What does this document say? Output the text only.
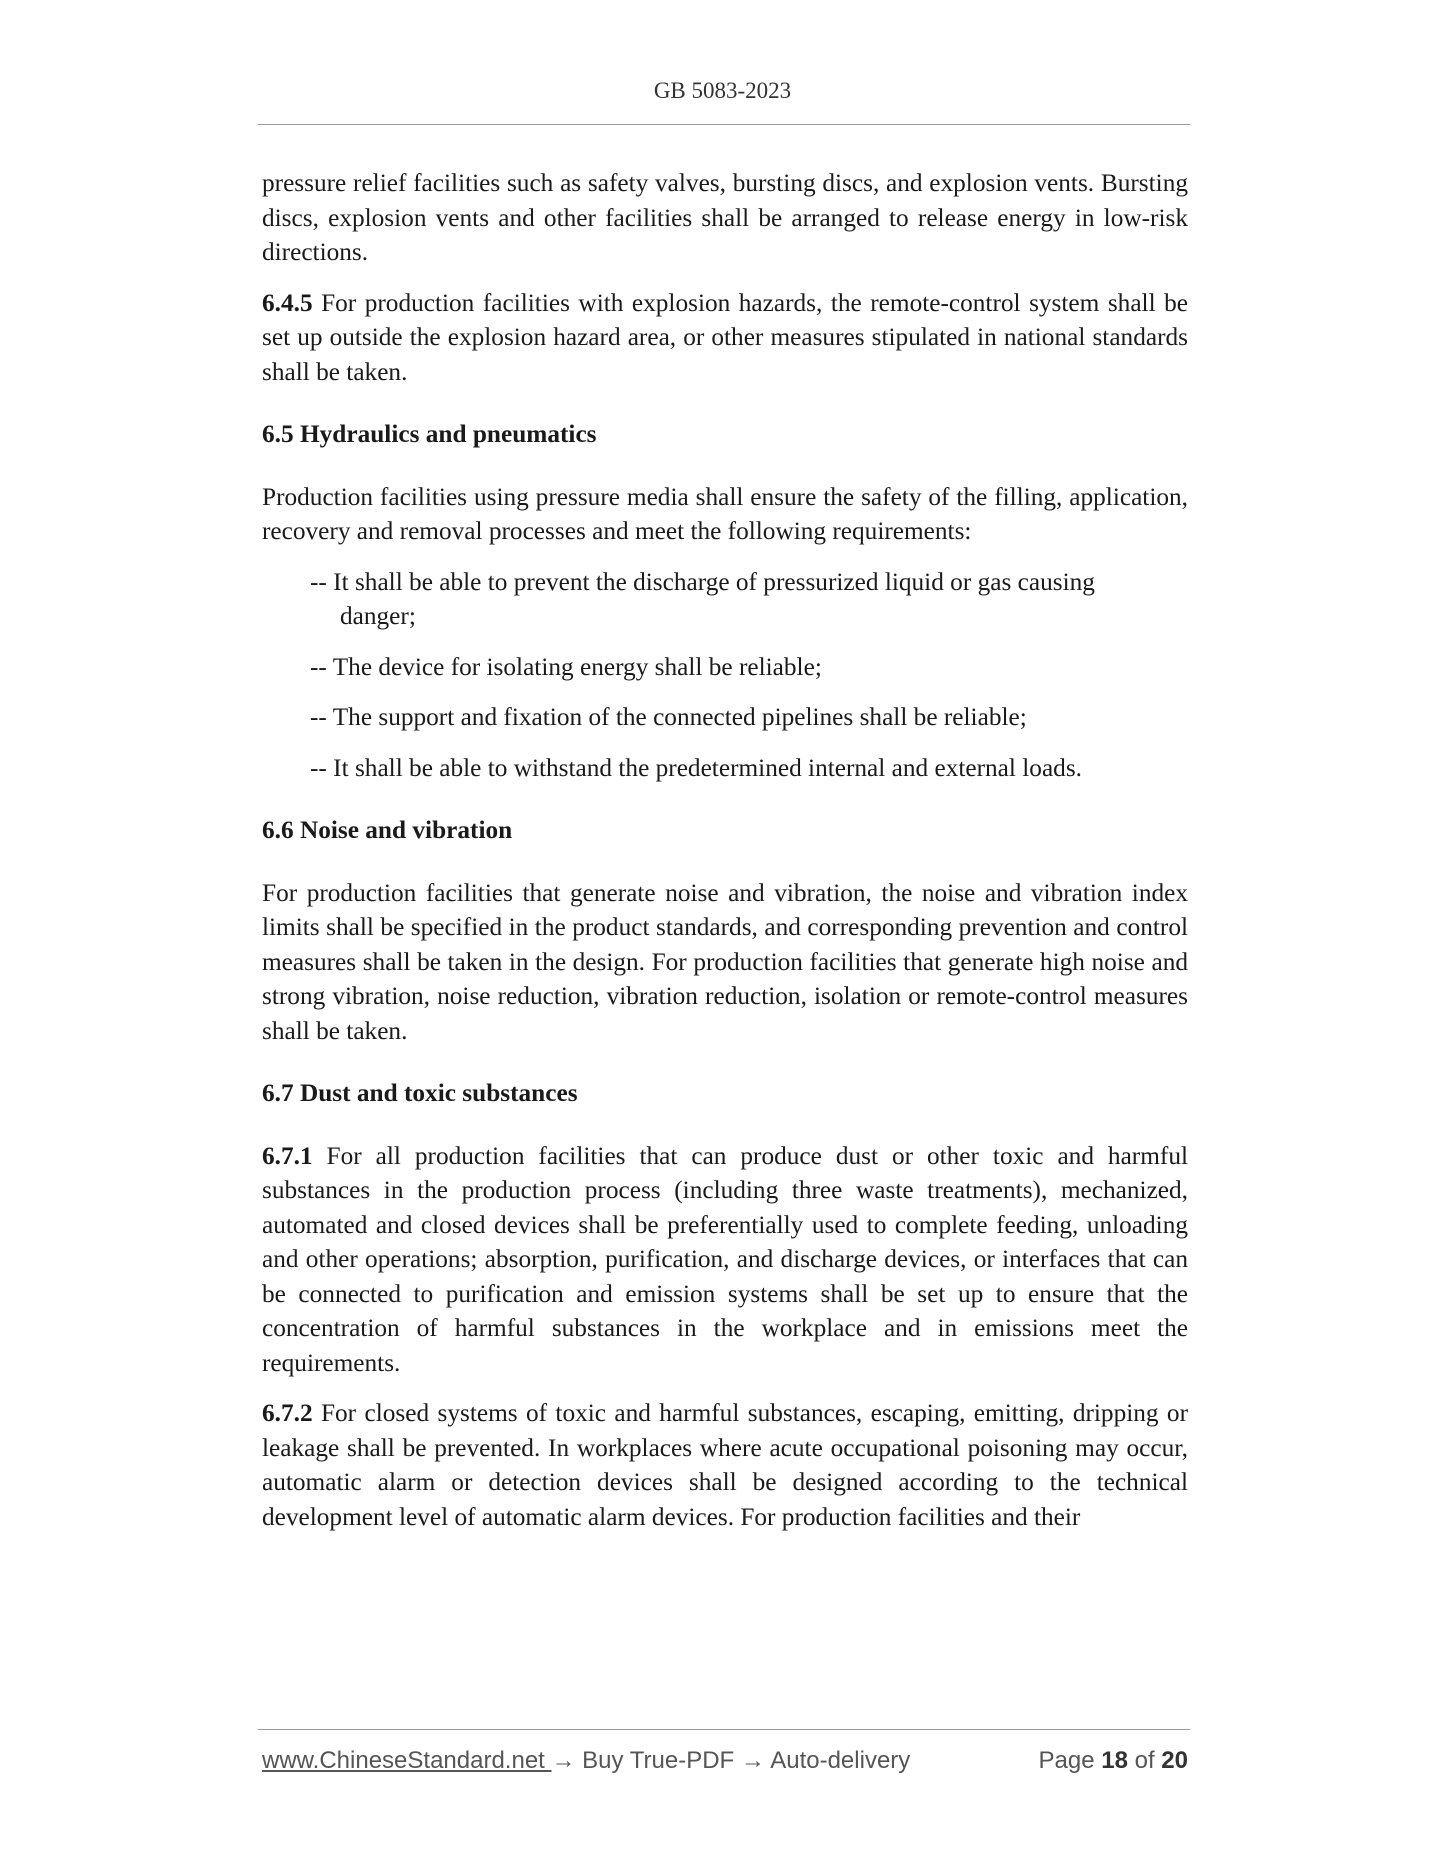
GB 5083-2023

pressure relief facilities such as safety valves, bursting discs, and explosion vents. Bursting discs, explosion vents and other facilities shall be arranged to release energy in low-risk directions.

6.4.5 For production facilities with explosion hazards, the remote-control system shall be set up outside the explosion hazard area, or other measures stipulated in national standards shall be taken.

6.5 Hydraulics and pneumatics

Production facilities using pressure media shall ensure the safety of the filling, application, recovery and removal processes and meet the following requirements:

-- It shall be able to prevent the discharge of pressurized liquid or gas causing
danger;

-- The device for isolating energy shall be reliable;

-- The support and fixation of the connected pipelines shall be reliable;

-- It shall be able to withstand the predetermined internal and external loads.

6.6 Noise and vibration

For production facilities that generate noise and vibration, the noise and vibration index limits shall be specified in the product standards, and corresponding prevention and control measures shall be taken in the design. For production facilities that generate high noise and strong vibration, noise reduction, vibration reduction, isolation or remote-control measures shall be taken.

6.7 Dust and toxic substances

6.7.1 For all production facilities that can produce dust or other toxic and harmful substances in the production process (including three waste treatments), mechanized, automated and closed devices shall be preferentially used to complete feeding, unloading and other operations; absorption, purification, and discharge devices, or interfaces that can be connected to purification and emission systems shall be set up to ensure that the concentration of harmful substances in the workplace and in emissions meet the requirements.

6.7.2 For closed systems of toxic and harmful substances, escaping, emitting, dripping or leakage shall be prevented. In workplaces where acute occupational poisoning may occur, automatic alarm or detection devices shall be designed according to the technical development level of automatic alarm devices. For production facilities and their

www.ChineseStandard.net → Buy True-PDF → Auto-delivery	Page 18 of 20
